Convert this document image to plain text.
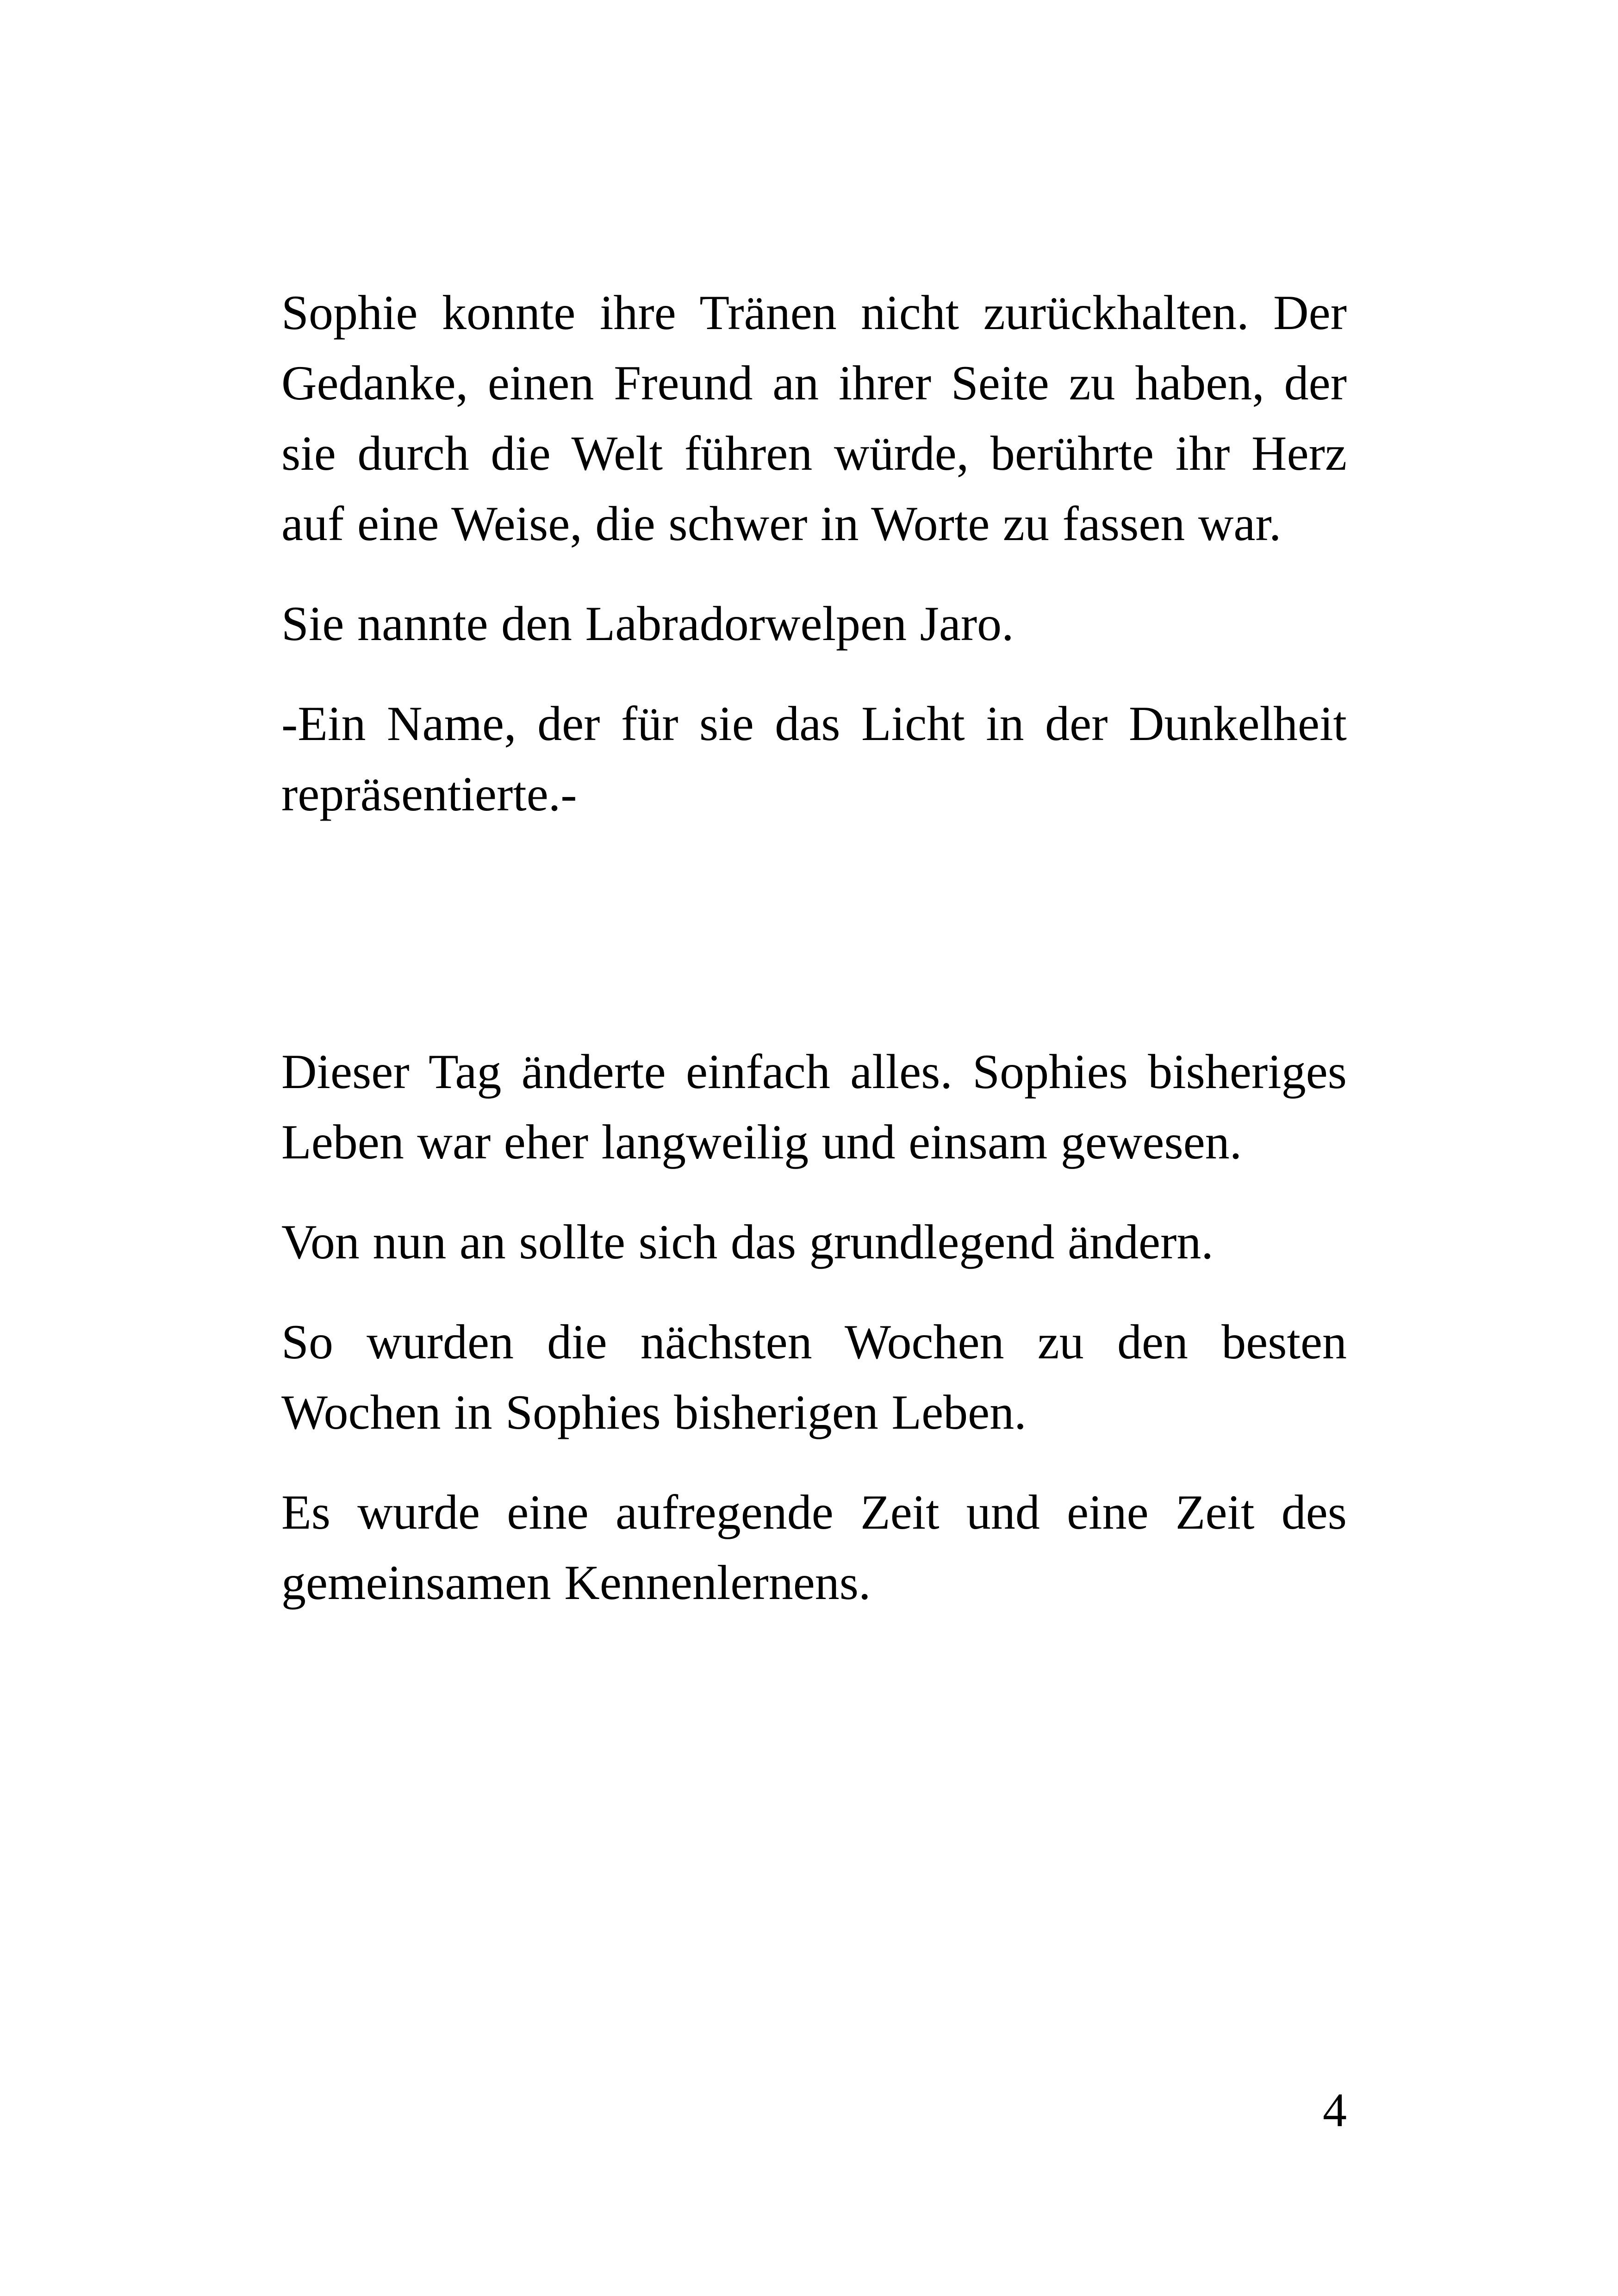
Sophie konnte ihre Tränen nicht zurückhalten. Der Gedanke, einen Freund an ihrer Seite zu haben, der sie durch die Welt führen würde, berührte ihr Herz auf eine Weise, die schwer in Worte zu fassen war.

Sie nannte den Labradorwelpen Jaro.

-Ein Name, der für sie das Licht in der Dunkelheit repräsentierte.-

Dieser Tag änderte einfach alles. Sophies bisheriges Leben war eher langweilig und einsam gewesen.

Von nun an sollte sich das grundlegend ändern.

So wurden die nächsten Wochen zu den besten Wochen in Sophies bisherigen Leben.

Es wurde eine aufregende Zeit und eine Zeit des gemeinsamen Kennenlernens.

4
